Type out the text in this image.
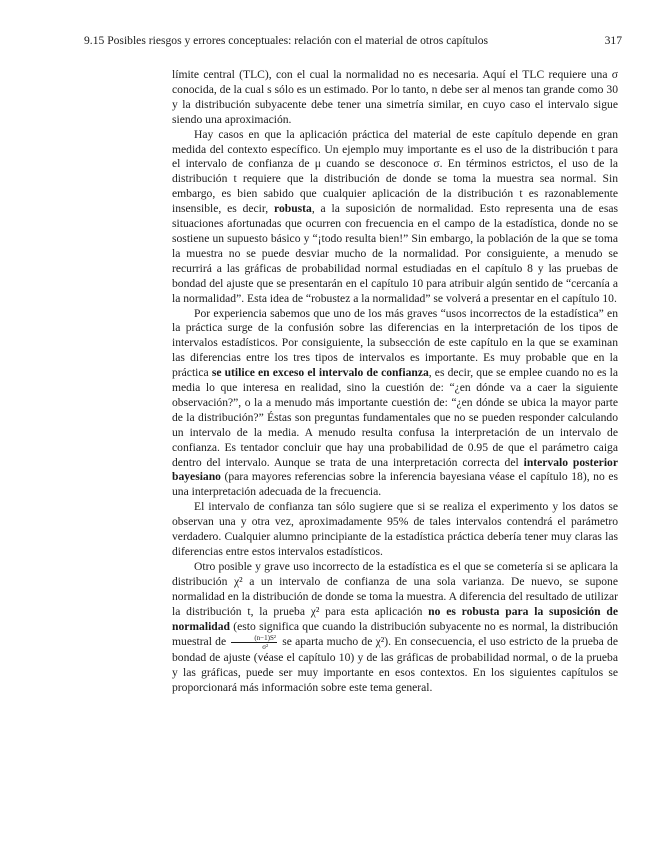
9.15 Posibles riesgos y errores conceptuales: relación con el material de otros capítulos	317

límite central (TLC), con el cual la normalidad no es necesaria. Aquí el TLC requiere una σ conocida, de la cual s sólo es un estimado. Por lo tanto, n debe ser al menos tan grande como 30 y la distribución subyacente debe tener una simetría similar, en cuyo caso el intervalo sigue siendo una aproximación.

Hay casos en que la aplicación práctica del material de este capítulo depende en gran medida del contexto específico. Un ejemplo muy importante es el uso de la distribución t para el intervalo de confianza de μ cuando se desconoce σ. En términos estrictos, el uso de la distribución t requiere que la distribución de donde se toma la muestra sea normal. Sin embargo, es bien sabido que cualquier aplicación de la distribución t es razonablemente insensible, es decir, robusta, a la suposición de normalidad. Esto representa una de esas situaciones afortunadas que ocurren con frecuencia en el campo de la estadística, donde no se sostiene un supuesto básico y “¡todo resulta bien!” Sin embargo, la población de la que se toma la muestra no se puede desviar mucho de la normalidad. Por consiguiente, a menudo se recurrirá a las gráficas de probabilidad normal estudiadas en el capítulo 8 y las pruebas de bondad del ajuste que se presentarán en el capítulo 10 para atribuir algún sentido de “cercanía a la normalidad”. Esta idea de “robustez a la normalidad” se volverá a presentar en el capítulo 10.

Por experiencia sabemos que uno de los más graves “usos incorrectos de la estadística” en la práctica surge de la confusión sobre las diferencias en la interpretación de los tipos de intervalos estadísticos. Por consiguiente, la subsección de este capítulo en la que se examinan las diferencias entre los tres tipos de intervalos es importante. Es muy probable que en la práctica se utilice en exceso el intervalo de confianza, es decir, que se emplee cuando no es la media lo que interesa en realidad, sino la cuestión de: “¿en dónde va a caer la siguiente observación?”, o la a menudo más importante cuestión de: “¿en dónde se ubica la mayor parte de la distribución?” Éstas son preguntas fundamentales que no se pueden responder calculando un intervalo de la media. A menudo resulta confusa la interpretación de un intervalo de confianza. Es tentador concluir que hay una probabilidad de 0.95 de que el parámetro caiga dentro del intervalo. Aunque se trata de una interpretación correcta del intervalo posterior bayesiano (para mayores referencias sobre la inferencia bayesiana véase el capítulo 18), no es una interpretación adecuada de la frecuencia.

El intervalo de confianza tan sólo sugiere que si se realiza el experimento y los datos se observan una y otra vez, aproximadamente 95% de tales intervalos contendrá el parámetro verdadero. Cualquier alumno principiante de la estadística práctica debería tener muy claras las diferencias entre estos intervalos estadísticos.

Otro posible y grave uso incorrecto de la estadística es el que se cometería si se aplicara la distribución χ² a un intervalo de confianza de una sola varianza. De nuevo, se supone normalidad en la distribución de donde se toma la muestra. A diferencia del resultado de utilizar la distribución t, la prueba χ² para esta aplicación no es robusta para la suposición de normalidad (esto significa que cuando la distribución subyacente no es normal, la distribución muestral de $\frac{\text{(n−1)S²}}{\text{σ²}}$ se aparta mucho de χ²). En consecuencia, el uso estricto de la prueba de bondad de ajuste (véase el capítulo 10) y de las gráficas de probabilidad normal, o de la prueba y las gráficas, puede ser muy importante en esos contextos. En los siguientes capítulos se proporcionará más información sobre este tema general.
